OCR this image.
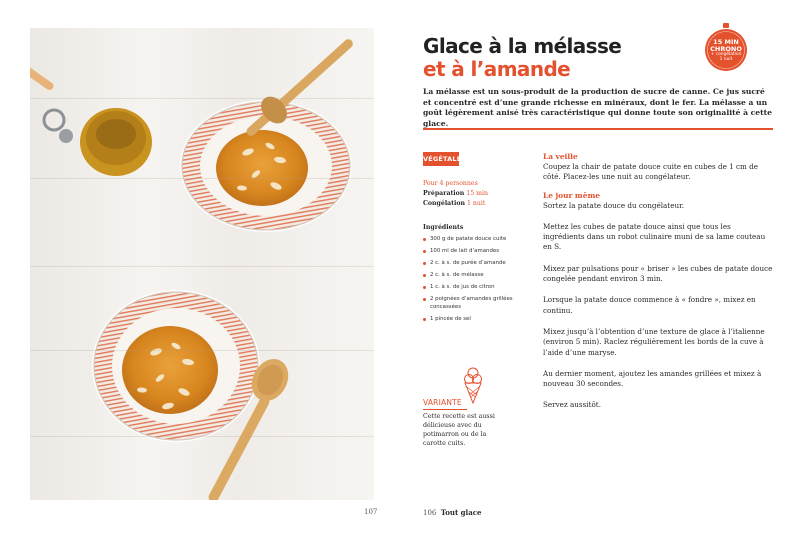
107
Glace à la mélasse
et à l’amande
15 MIN
CHRONO
+ congélation
1 nuit

La mélasse est un sous-produit de la production de sucre de canne. Ce jus sucré et concentré est d’une grande richesse en minéraux, dont le fer. La mélasse a un goût légèrement anisé très caractéristique qui donne toute son originalité à cette glace.

VÉGÉTALE
Pour 4 personnes
Préparation 15 min
Congélation 1 nuit
Ingrédients
300 g de patate douce cuite
100 ml de lait d’amandes
2 c. à s. de purée d’amande
2 c. à s. de mélasse
1 c. à s. de jus de citron
2 poignées d’amandes grillées concassées
1 pincée de sel
VARIANTE

Cette recette est aussi délicieuse avec du potimarron ou de la carotte cuits.

La veille

Coupez la chair de patate douce cuite en cubes de 1 cm de côté. Placez-les une nuit au congélateur.

Le jour même

Sortez la patate douce du congélateur.

Mettez les cubes de patate douce ainsi que tous les ingrédients dans un robot culinaire muni de sa lame couteau en S.

Mixez par pulsations pour « briser » les cubes de patate douce congelée pendant environ 3 min.

Lorsque la patate douce commence à « fondre », mixez en continu.

Mixez jusqu’à l’obtention d’une texture de glace à l’italienne (environ 5 min). Raclez régulièrement les bords de la cuve à l’aide d’une maryse.

Au dernier moment, ajoutez les amandes grillées et mixez à nouveau 30 secondes.

Servez aussitôt.

106 Tout glace
